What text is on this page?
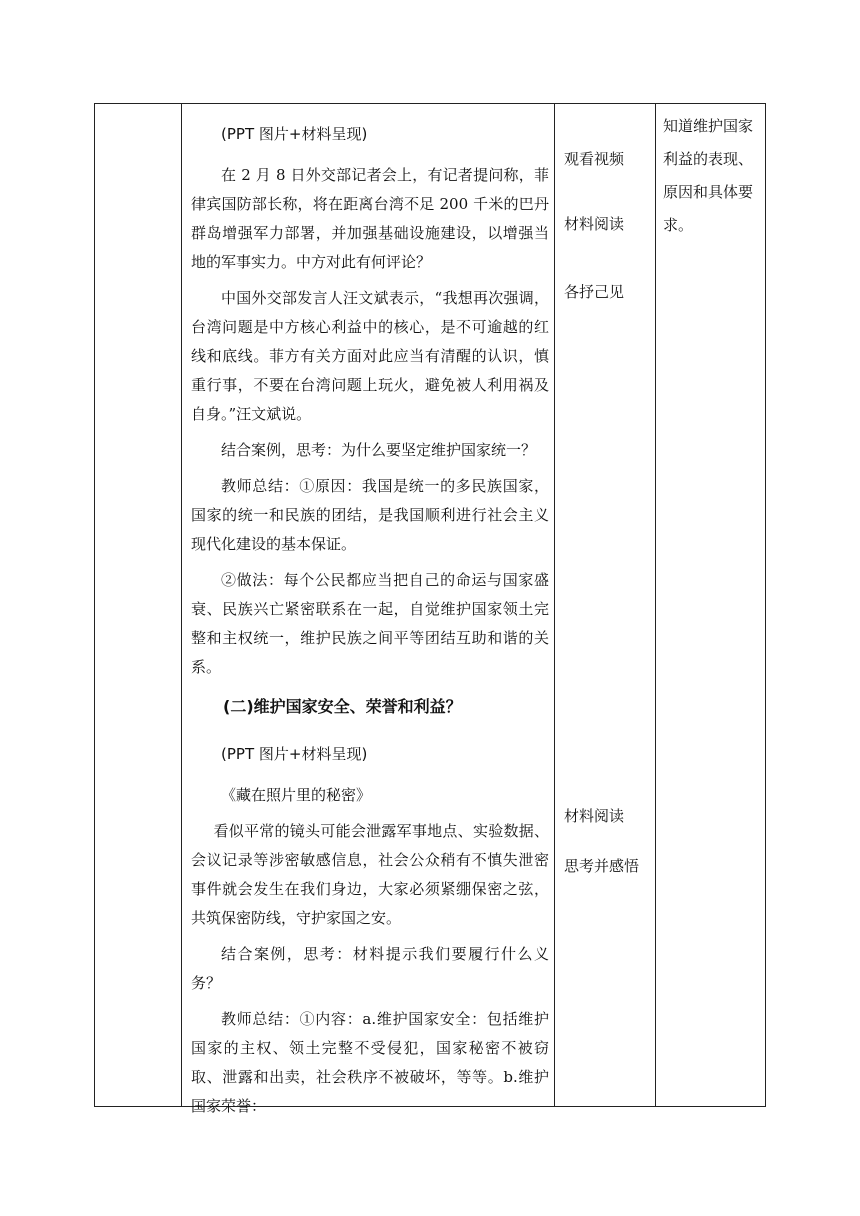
(PPT 图片+材料呈现)

在 2 月 8 日外交部记者会上，有记者提问称，菲律宾国防部长称，将在距离台湾不足 200 千米的巴丹群岛增强军力部署，并加强基础设施建设，以增强当地的军事实力。中方对此有何评论？

中国外交部发言人汪文斌表示，“我想再次强调，台湾问题是中方核心利益中的核心，是不可逾越的红线和底线。菲方有关方面对此应当有清醒的认识，慎重行事，不要在台湾问题上玩火，避免被人利用祸及自身。”汪文斌说。

结合案例，思考：为什么要坚定维护国家统一？

教师总结：①原因：我国是统一的多民族国家，国家的统一和民族的团结，是我国顺利进行社会主义现代化建设的基本保证。

②做法：每个公民都应当把自己的命运与国家盛衰、民族兴亡紧密联系在一起，自觉维护国家领土完整和主权统一，维护民族之间平等团结互助和谐的关系。

(二)维护国家安全、荣誉和利益？
(PPT 图片+材料呈现)

《藏在照片里的秘密》

看似平常的镜头可能会泄露军事地点、实验数据、会议记录等涉密敏感信息，社会公众稍有不慎失泄密事件就会发生在我们身边，大家必须紧绷保密之弦，共筑保密防线，守护家国之安。

结合案例，思考：材料提示我们要履行什么义务？

教师总结：①内容：a.维护国家安全：包括维护国家的主权、领土完整不受侵犯，国家秘密不被窃取、泄露和出卖，社会秩序不被破坏，等等。b.维护国家荣誉：

观看视频
材料阅读
各抒己见
材料阅读
思考并感悟
知道维护国家利益的表现、原因和具体要求。
